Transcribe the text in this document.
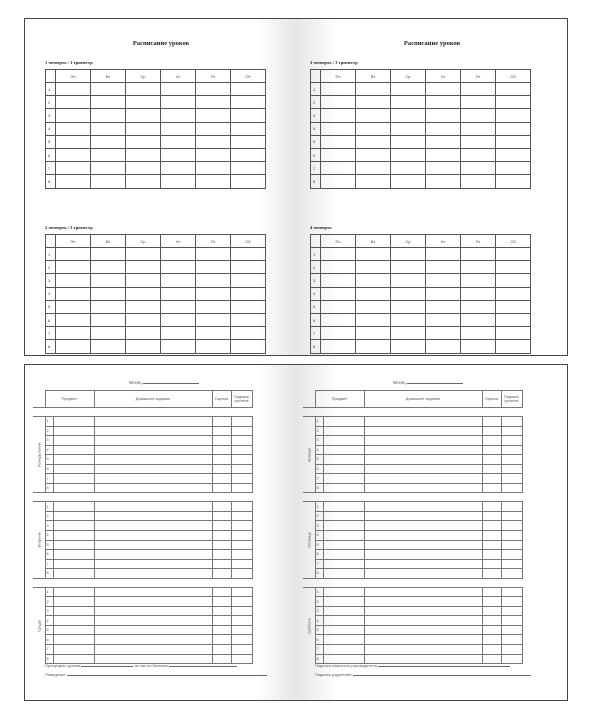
Расписание уроков
1 четверть / 1 триместр
	Пн	Вт	Ср	Чт	Пт	Сб
1						
2						
3						
4						
5						
6						
7						
8						
2 четверть / 2 триместр
	Пн	Вт	Ср	Чт	Пт	Сб
1						
2						
3						
4						
5						
6						
7						
8						
Расписание уроков
3 четверть / 3 триместр
	Пн	Вт	Ср	Чт	Пт	Сб
1						
2						
3						
4						
5						
6						
7						
8						
4 четверть
	Пн	Вт	Ср	Чт	Пт	Сб
1						
2						
3						
4						
5						
6						
7						
8						
Месяц
	Предмет		Домашнее задание	Оценка	Подпись учителя

Понедельник	1				
	2				
	3				
	4				
	5				
	6				
	7				
	8				

Вторник	1				
	2				
	3				
	4				
	5				
	6				
	7				
	8				

Среда	1				
	2				
	3				
	4				
	5				
	6				
	7				
	8				
Пропущено уроков	из них по болезни
Поведение
Месяц
	Предмет		Домашнее задание	Оценка	Подпись учителя

Четверг	1				
	2				
	3				
	4				
	5				
	6				
	7				
	8				

Пятница	1				
	2				
	3				
	4				
	5				
	6				
	7				
	8				

Суббота	1				
	2				
	3				
	4				
	5				
	6				
	7				
	8				
Подпись классного руководителя
Подпись родителей
